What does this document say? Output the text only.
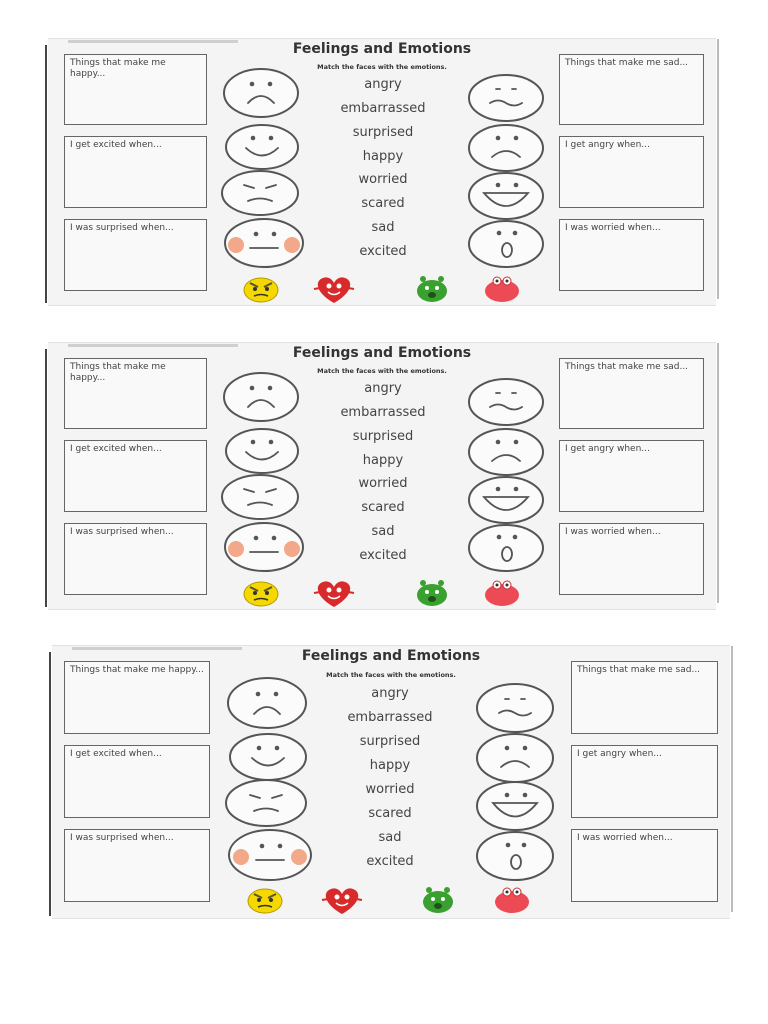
Feelings and Emotions
Match the faces with the emotions.
Things that make me happy...
I get excited when...
I was surprised when...
Things that make me sad...
I get angry when...
I was worried when...
angry
embarrassed
surprised
happy
worried
scared
sad
excited
Feelings and Emotions
Match the faces with the emotions.
Things that make me happy...
I get excited when...
I was surprised when...
Things that make me sad...
I get angry when...
I was worried when...
angry
embarrassed
surprised
happy
worried
scared
sad
excited
Feelings and Emotions
Match the faces with the emotions.
Things that make me happy...
I get excited when...
I was surprised when...
Things that make me sad...
I get angry when...
I was worried when...
angry
embarrassed
surprised
happy
worried
scared
sad
excited
